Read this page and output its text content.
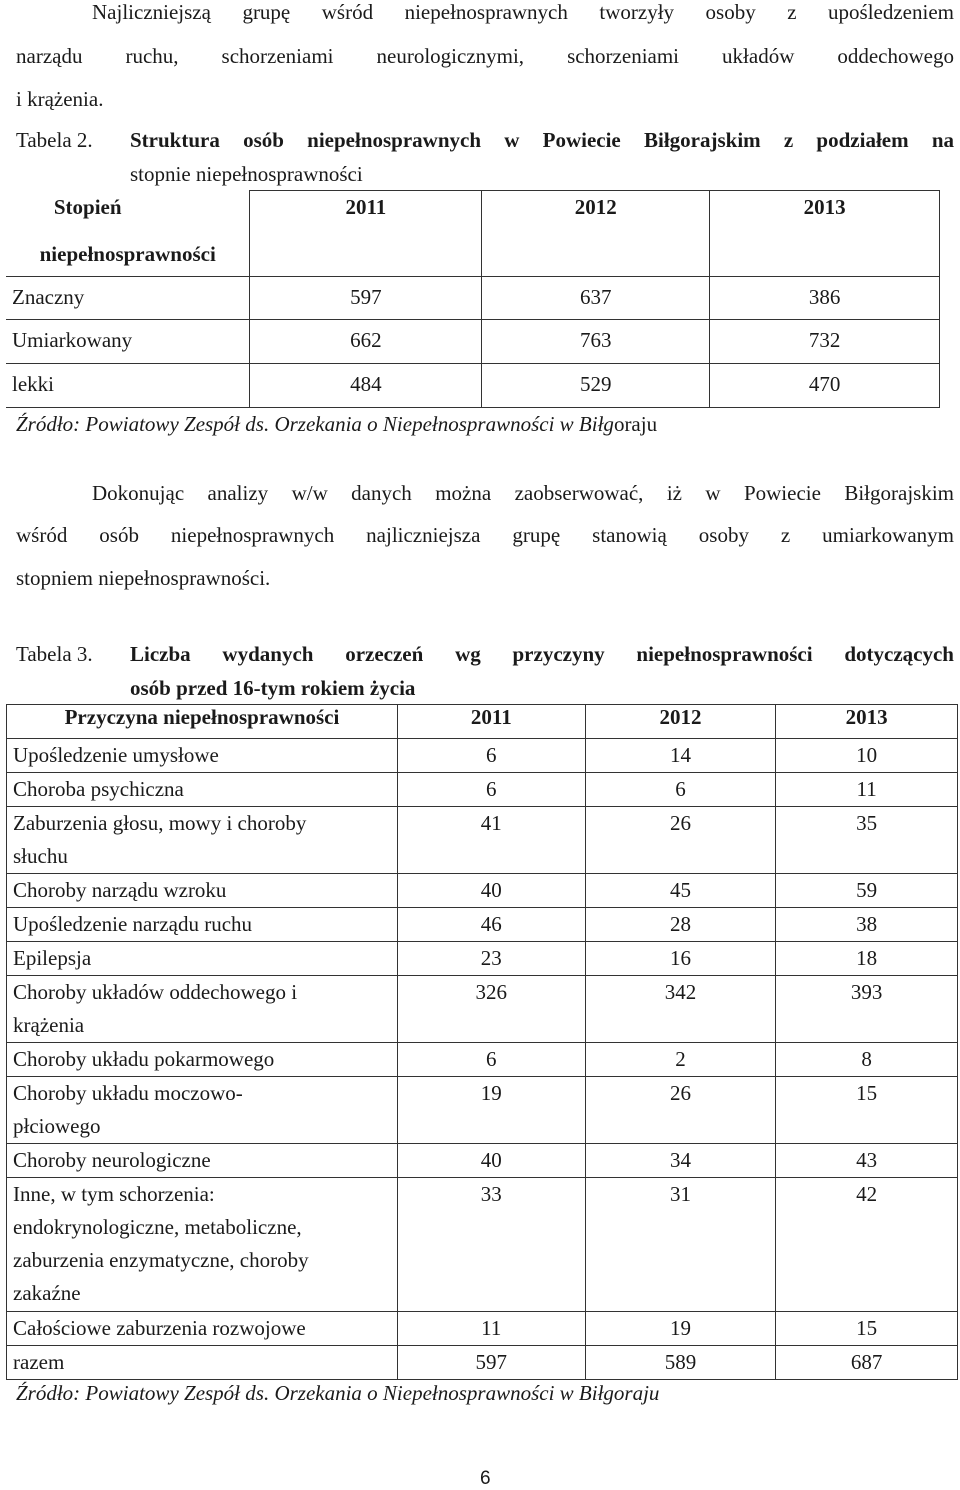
Najliczniejszą grupę wśród niepełnosprawnych tworzyły osoby z upośledzeniem
narządu ruchu, schorzeniami neurologicznymi, schorzeniami układów oddechowego
i krążenia.
Tabela 2. Struktura osób niepełnosprawnych w Powiecie Biłgorajskim z podziałem na
stopnie niepełnosprawności
Stopień
niepełnosprawności	2011	2012	2013
Znaczny	597	637	386
Umiarkowany	662	763	732
lekki	484	529	470
Źródło: Powiatowy Zespół ds. Orzekania o Niepełnosprawności w Biłgoraju
Dokonując analizy w/w danych można zaobserwować, iż w Powiecie Biłgorajskim
wśród osób niepełnosprawnych najliczniejsza grupę stanowią osoby z umiarkowanym
stopniem niepełnosprawności.
Tabela 3. Liczba wydanych orzeczeń wg przyczyny niepełnosprawności dotyczących
osób przed 16-tym rokiem życia
Przyczyna niepełnosprawności	2011	2012	2013
Upośledzenie umysłowe	6	14	10
Choroba psychiczna	6	6	11

Zaburzenia głosu, mowy i choroby słuchu	41	26	35
Choroby narządu wzroku	40	45	59
Upośledzenie narządu ruchu	46	28	38
Epilepsja	23	16	18

Choroby układów oddechowego i krążenia	326	342	393
Choroby układu pokarmowego	6	2	8

Choroby układu moczowo-płciowego	19	26	15
Choroby neurologiczne	40	34	43

Inne, w tym schorzenia: endokrynologiczne, metaboliczne, zaburzenia enzymatyczne, choroby zakaźne	33	31	42
Całościowe zaburzenia rozwojowe	11	19	15
razem	597	589	687
Źródło: Powiatowy Zespół ds. Orzekania o Niepełnosprawności w Biłgoraju
6
